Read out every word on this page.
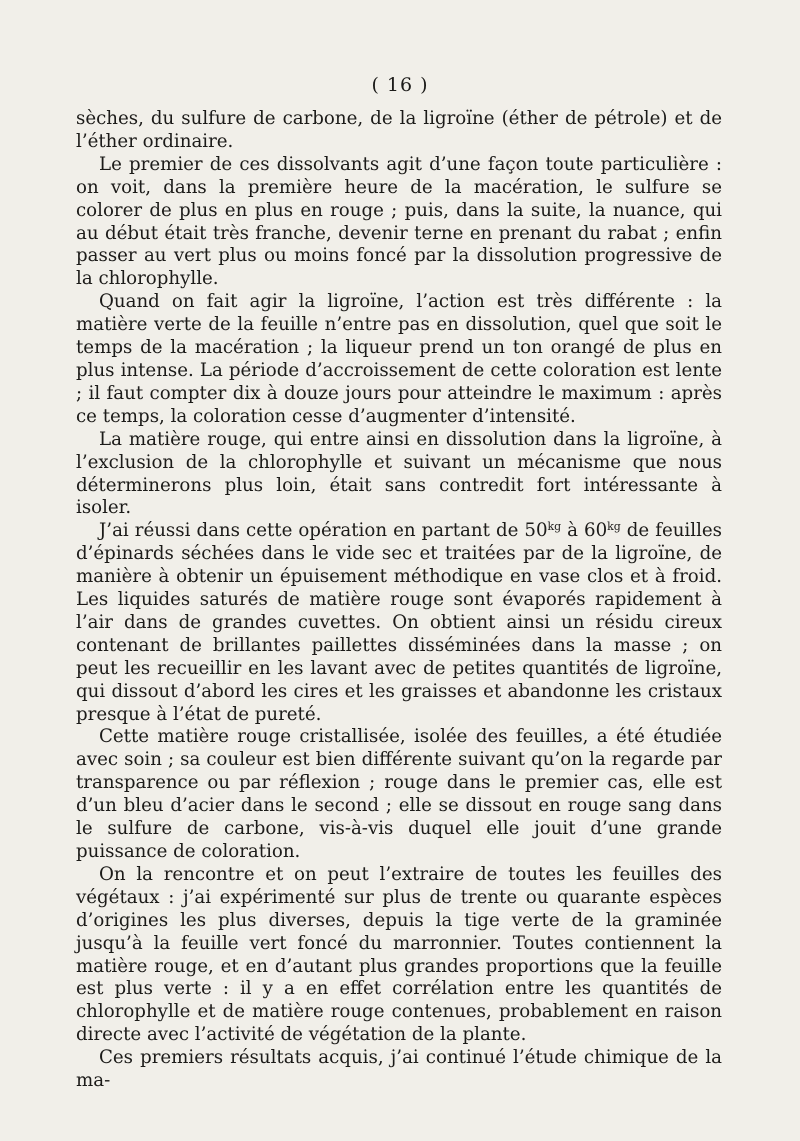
( 16 )

sèches, du sulfure de carbone, de la ligroïne (éther de pétrole) et de l’éther ordinaire.

Le premier de ces dissolvants agit d’une façon toute particulière : on voit, dans la première heure de la macération, le sulfure se colorer de plus en plus en rouge ; puis, dans la suite, la nuance, qui au début était très franche, devenir terne en prenant du rabat ; enfin passer au vert plus ou moins foncé par la dissolution progressive de la chlorophylle.

Quand on fait agir la ligroïne, l’action est très différente : la matière verte de la feuille n’entre pas en dissolution, quel que soit le temps de la macération ; la liqueur prend un ton orangé de plus en plus intense. La période d’accroissement de cette coloration est lente ; il faut compter dix à douze jours pour atteindre le maximum : après ce temps, la coloration cesse d’augmenter d’intensité.

La matière rouge, qui entre ainsi en dissolution dans la ligroïne, à l’exclusion de la chlorophylle et suivant un mécanisme que nous déterminerons plus loin, était sans contredit fort intéressante à isoler.

J’ai réussi dans cette opération en partant de $50^{kg}$ à $60^{kg}$ de feuilles d’épinards séchées dans le vide sec et traitées par de la ligroïne, de manière à obtenir un épuisement méthodique en vase clos et à froid. Les liquides saturés de matière rouge sont évaporés rapidement à l’air dans de grandes cuvettes. On obtient ainsi un résidu cireux contenant de brillantes paillettes disséminées dans la masse ; on peut les recueillir en les lavant avec de petites quantités de ligroïne, qui dissout d’abord les cires et les graisses et abandonne les cristaux presque à l’état de pureté.

Cette matière rouge cristallisée, isolée des feuilles, a été étudiée avec soin ; sa couleur est bien différente suivant qu’on la regarde par transparence ou par réflexion ; rouge dans le premier cas, elle est d’un bleu d’acier dans le second ; elle se dissout en rouge sang dans le sulfure de carbone, vis-à-vis duquel elle jouit d’une grande puissance de coloration.

On la rencontre et on peut l’extraire de toutes les feuilles des végétaux : j’ai expérimenté sur plus de trente ou quarante espèces d’origines les plus diverses, depuis la tige verte de la graminée jusqu’à la feuille vert foncé du marronnier. Toutes contiennent la matière rouge, et en d’autant plus grandes proportions que la feuille est plus verte : il y a en effet corrélation entre les quantités de chlorophylle et de matière rouge contenues, probablement en raison directe avec l’activité de végétation de la plante.

Ces premiers résultats acquis, j’ai continué l’étude chimique de la ma-
